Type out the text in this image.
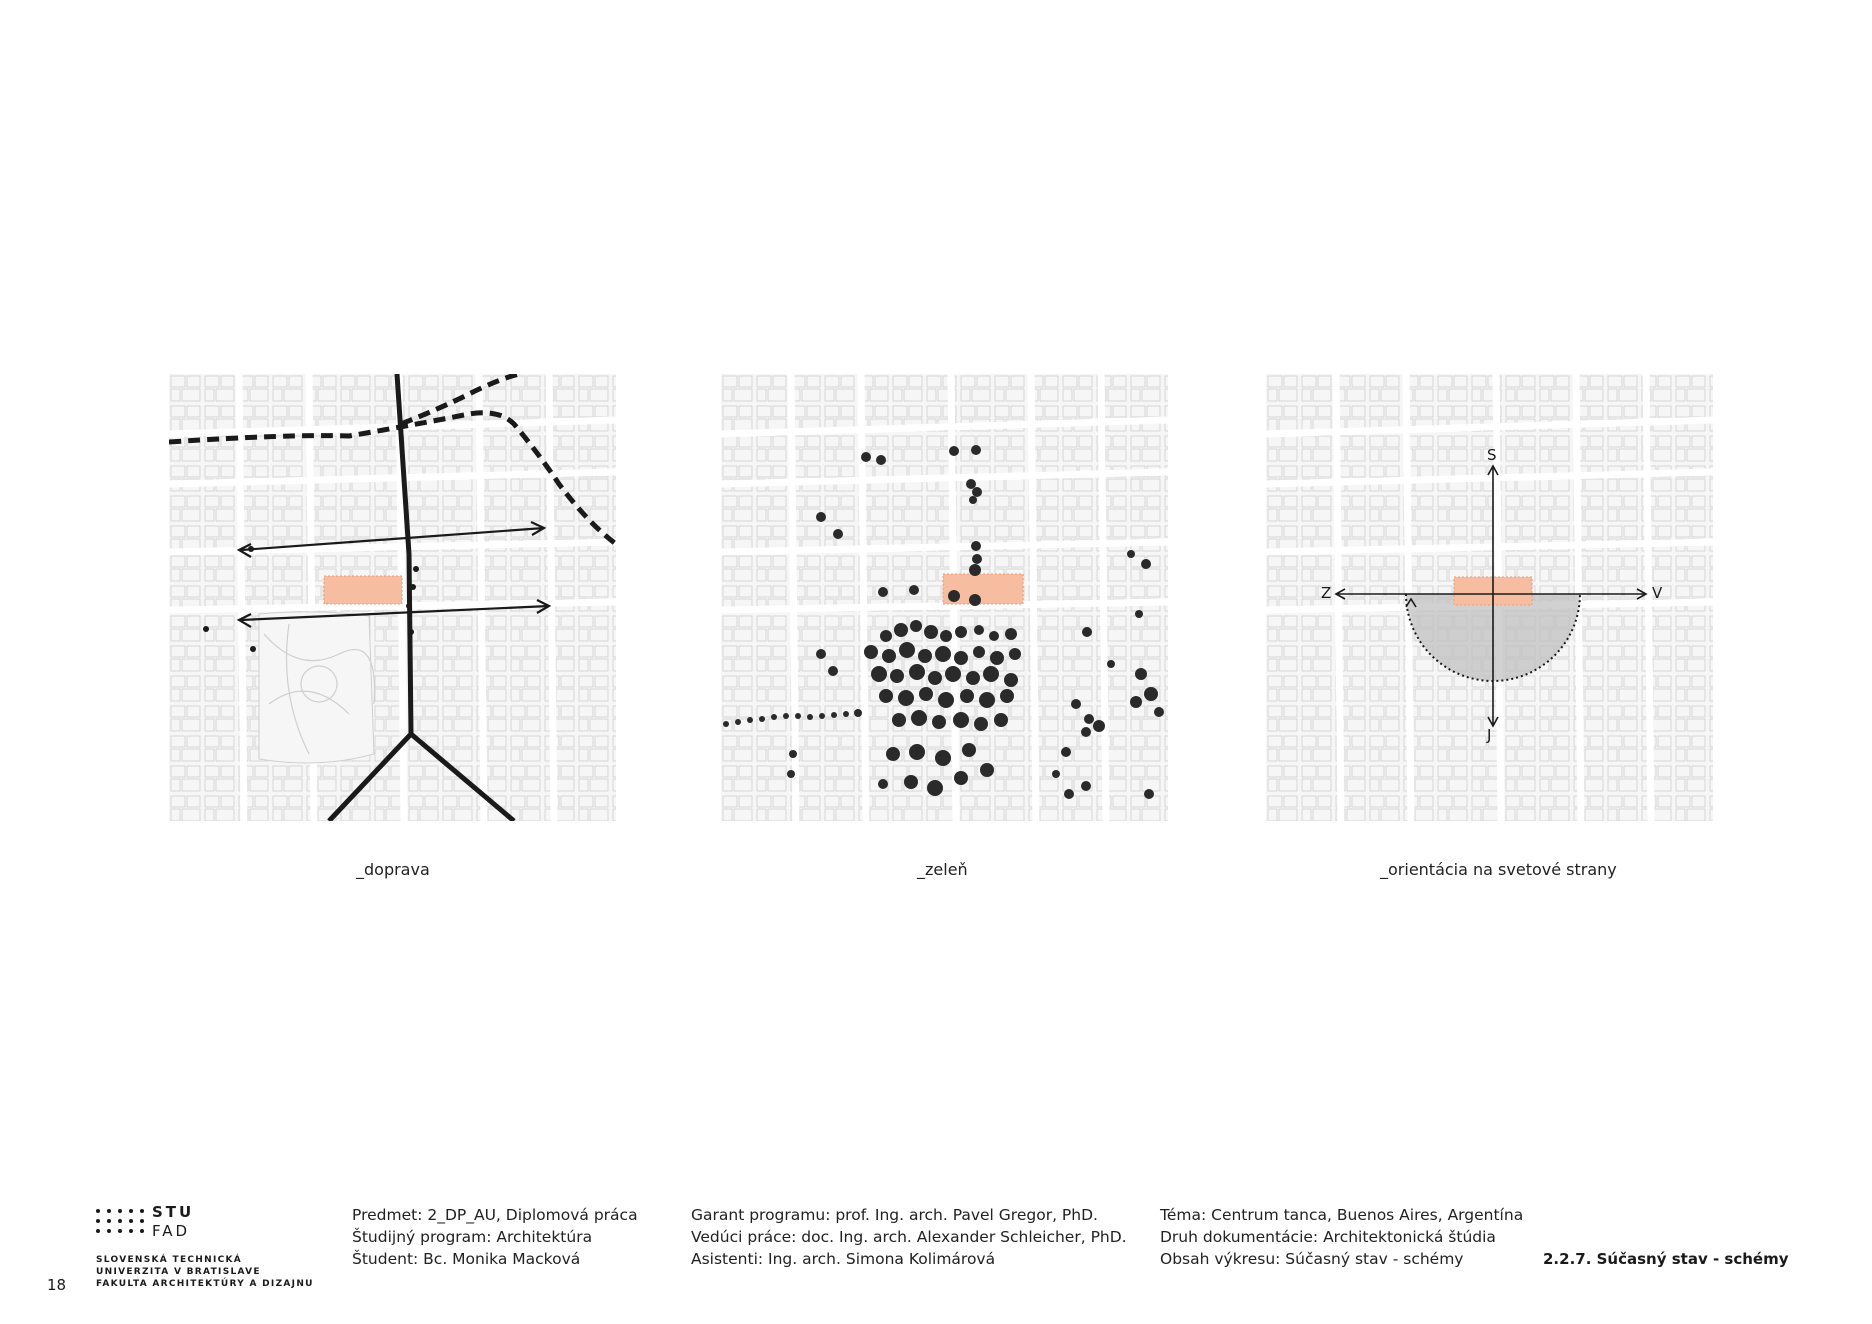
S
J
Z	V
_doprava	_zeleň	_orientácia na svetové strany
STU
FAD
SLOVENSKÁ TECHNICKÁ
UNIVERZITA V BRATISLAVE
FAKULTA ARCHITEKTÚRY A DIZAJNU
18
Predmet: 2_DP_AU, Diplomová práca
Študijný program: Architektúra
Študent: Bc. Monika Macková
Garant programu: prof. Ing. arch. Pavel Gregor, PhD.
Vedúci práce: doc. Ing. arch. Alexander Schleicher, PhD.
Asistenti: Ing. arch. Simona Kolimárová
Téma: Centrum tanca, Buenos Aires, Argentína
Druh dokumentácie: Architektonická štúdia
Obsah výkresu: Súčasný stav - schémy	2.2.7. Súčasný stav - schémy
